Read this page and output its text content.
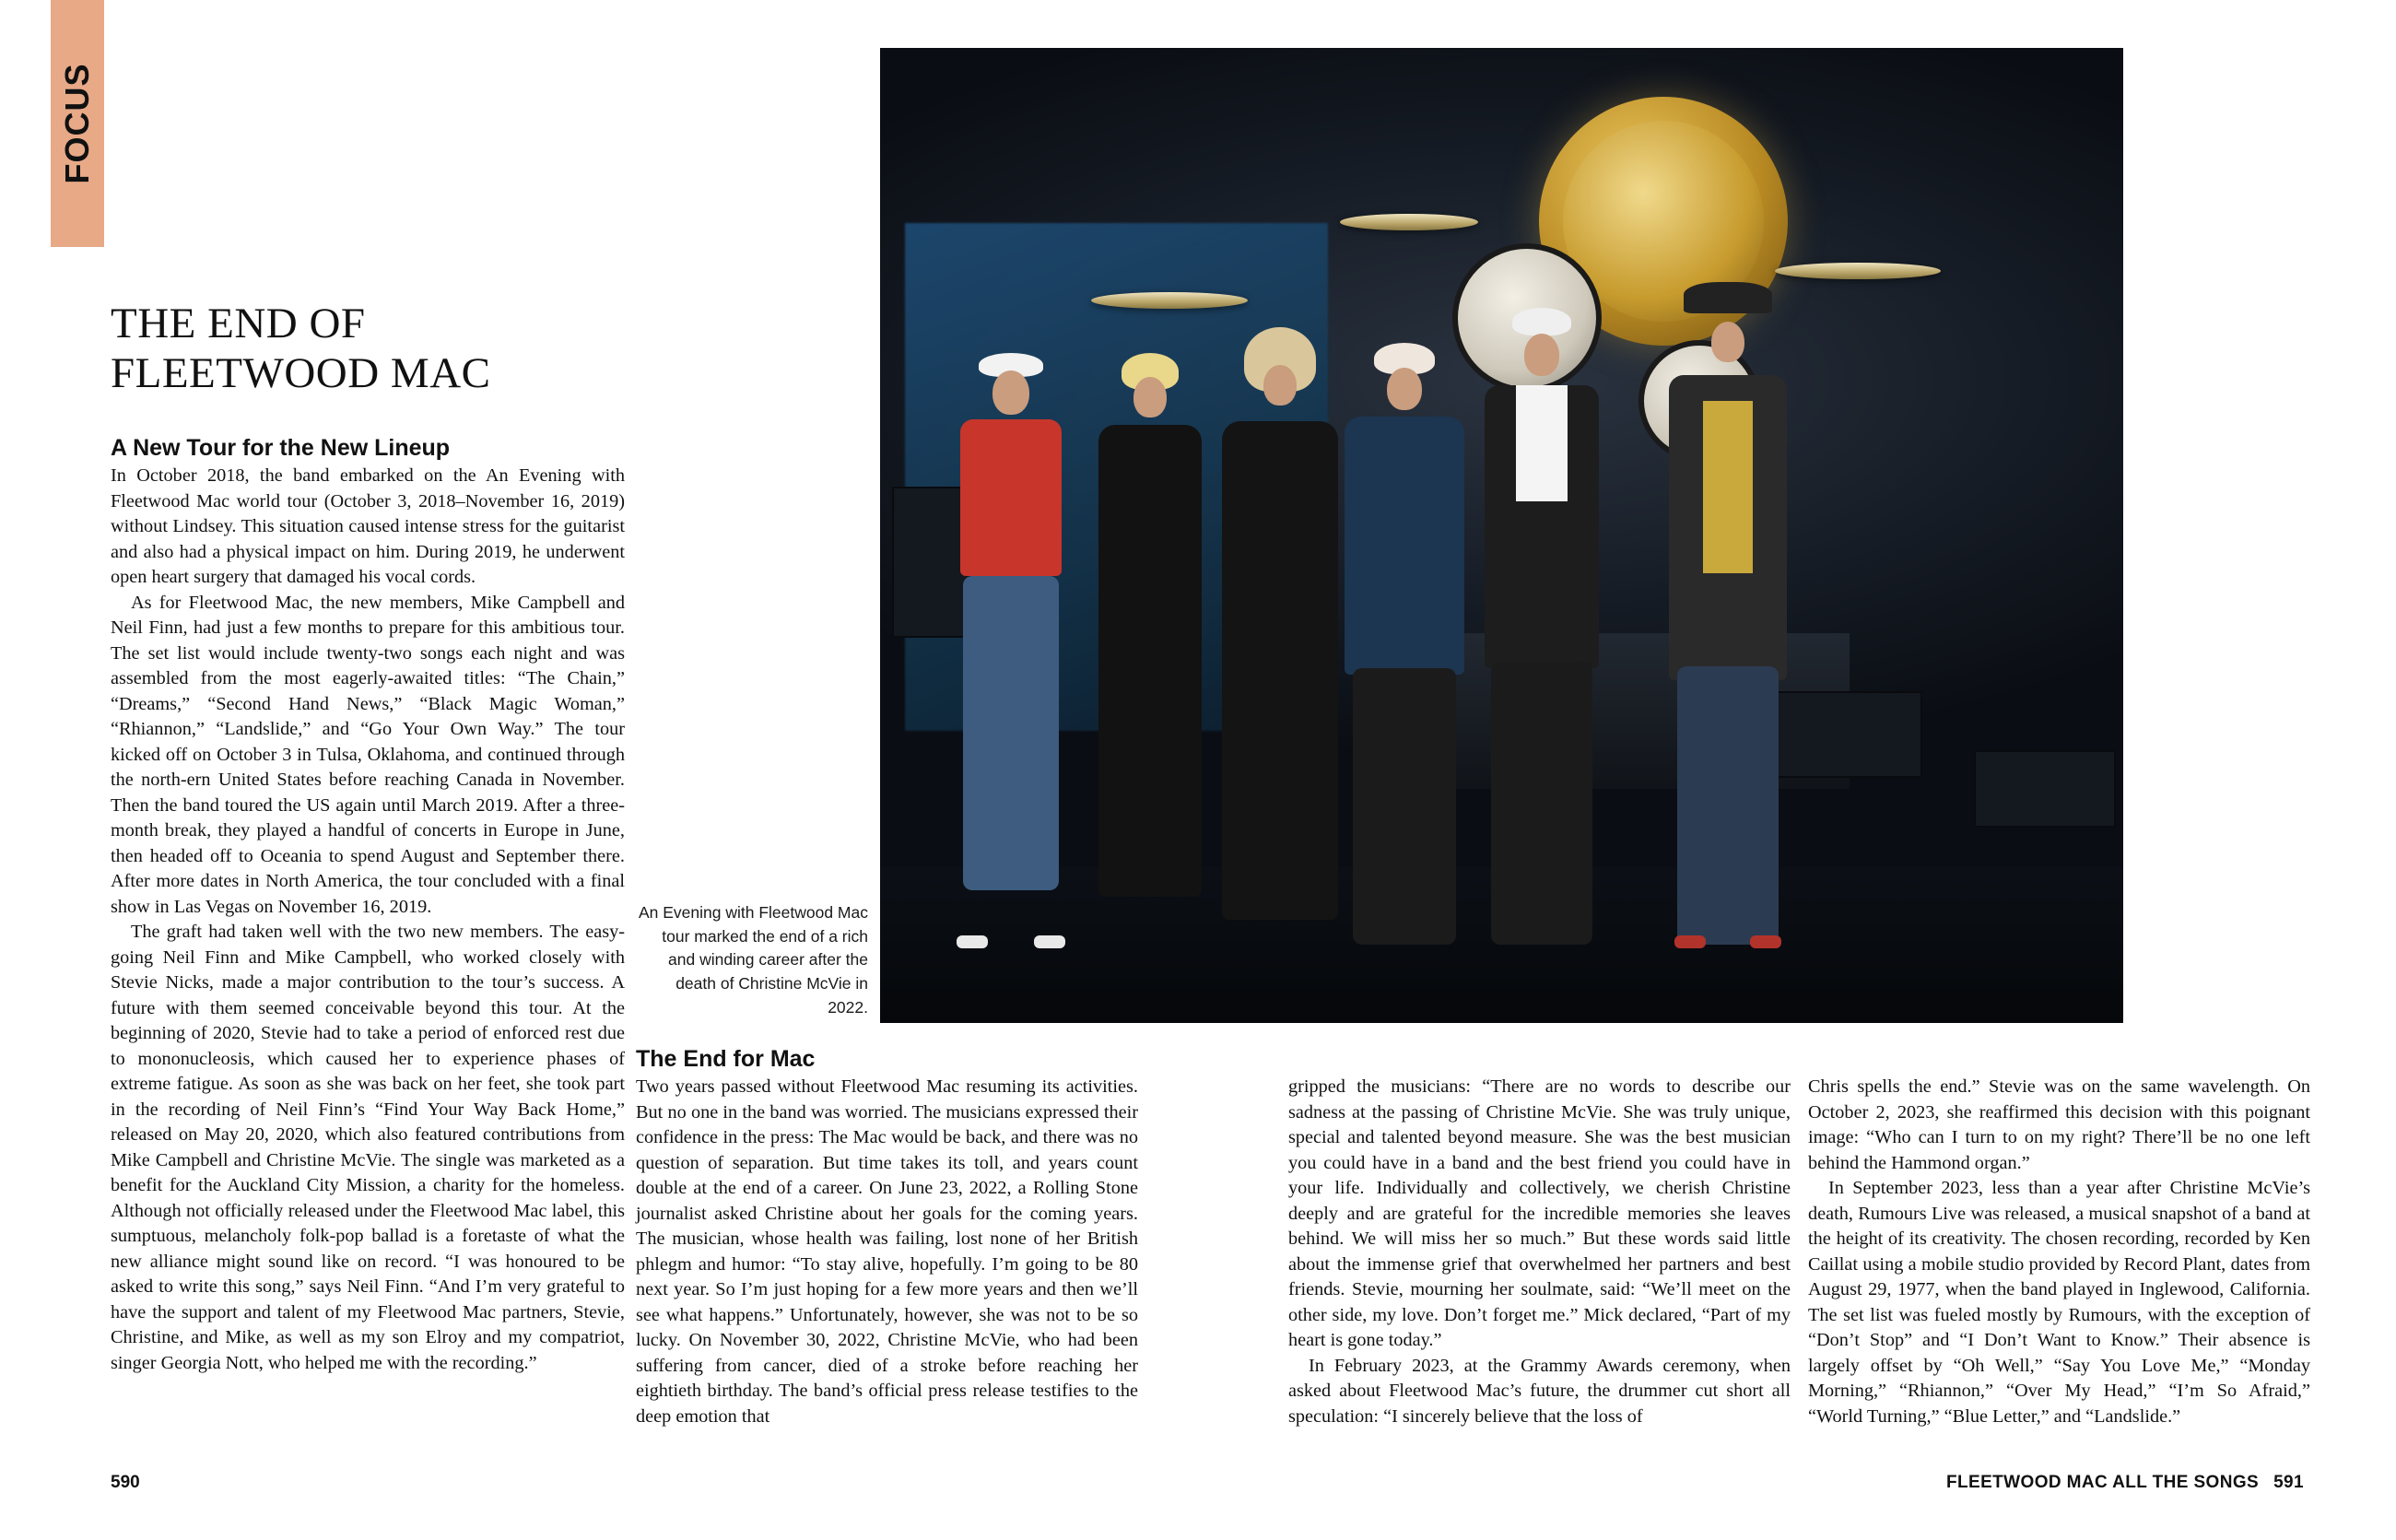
FOCUS
THE END OF FLEETWOOD MAC
A New Tour for the New Lineup

In October 2018, the band embarked on the An Evening with Fleetwood Mac world tour (October 3, 2018–November 16, 2019) without Lindsey. This situation caused intense stress for the guitarist and also had a physical impact on him. During 2019, he underwent open heart surgery that damaged his vocal cords.

As for Fleetwood Mac, the new members, Mike Campbell and Neil Finn, had just a few months to prepare for this ambitious tour. The set list would include twenty-two songs each night and was assembled from the most eagerly-awaited titles: “The Chain,” “Dreams,” “Second Hand News,” “Black Magic Woman,” “Rhiannon,” “Landslide,” and “Go Your Own Way.” The tour kicked off on October 3 in Tulsa, Oklahoma, and continued through the north-ern United States before reaching Canada in November. Then the band toured the US again until March 2019. After a three-month break, they played a handful of concerts in Europe in June, then headed off to Oceania to spend August and September there. After more dates in North America, the tour concluded with a final show in Las Vegas on November 16, 2019.

The graft had taken well with the two new members. The easy-going Neil Finn and Mike Campbell, who worked closely with Stevie Nicks, made a major contribution to the tour’s success. A future with them seemed conceivable beyond this tour. At the beginning of 2020, Stevie had to take a period of enforced rest due to mononucleosis, which caused her to experience phases of extreme fatigue. As soon as she was back on her feet, she took part in the recording of Neil Finn’s “Find Your Way Back Home,” released on May 20, 2020, which also featured contributions from Mike Campbell and Christine McVie. The single was marketed as a benefit for the Auckland City Mission, a charity for the homeless. Although not officially released under the Fleetwood Mac label, this sumptuous, melancholy folk-pop ballad is a foretaste of what the new alliance might sound like on record. “I was honoured to be asked to write this song,” says Neil Finn. “And I’m very grateful to have the support and talent of my Fleetwood Mac partners, Stevie, Christine, and Mike, as well as my son Elroy and my compatriot, singer Georgia Nott, who helped me with the recording.”

An Evening with Fleetwood Mac tour marked the end of a rich and winding career after the death of Christine McVie in 2022.
590
The End for Mac

Two years passed without Fleetwood Mac resuming its activities. But no one in the band was worried. The musicians expressed their confidence in the press: The Mac would be back, and there was no question of separation. But time takes its toll, and years count double at the end of a career. On June 23, 2022, a Rolling Stone journalist asked Christine about her goals for the coming years. The musician, whose health was failing, lost none of her British phlegm and humor: “To stay alive, hopefully. I’m going to be 80 next year. So I’m just hoping for a few more years and then we’ll see what happens.” Unfortunately, however, she was not to be so lucky. On November 30, 2022, Christine McVie, who had been suffering from cancer, died of a stroke before reaching her eightieth birthday. The band’s official press release testifies to the deep emotion that

gripped the musicians: “There are no words to describe our sadness at the passing of Christine McVie. She was truly unique, special and talented beyond measure. She was the best musician you could have in a band and the best friend you could have in your life. Individually and collectively, we cherish Christine deeply and are grateful for the incredible memories she leaves behind. We will miss her so much.” But these words said little about the immense grief that overwhelmed her partners and best friends. Stevie, mourning her soulmate, said: “We’ll meet on the other side, my love. Don’t forget me.” Mick declared, “Part of my heart is gone today.”

In February 2023, at the Grammy Awards ceremony, when asked about Fleetwood Mac’s future, the drummer cut short all speculation: “I sincerely believe that the loss of

Chris spells the end.” Stevie was on the same wavelength. On October 2, 2023, she reaffirmed this decision with this poignant image: “Who can I turn to on my right? There’ll be no one left behind the Hammond organ.”

In September 2023, less than a year after Christine McVie’s death, Rumours Live was released, a musical snapshot of a band at the height of its creativity. The chosen recording, recorded by Ken Caillat using a mobile studio provided by Record Plant, dates from August 29, 1977, when the band played in Inglewood, California. The set list was fueled mostly by Rumours, with the exception of “Don’t Stop” and “I Don’t Want to Know.” Their absence is largely offset by “Oh Well,” “Say You Love Me,” “Monday Morning,” “Rhiannon,” “Over My Head,” “I’m So Afraid,” “World Turning,” “Blue Letter,” and “Landslide.”

FLEETWOOD MAC ALL THE SONGS 591
